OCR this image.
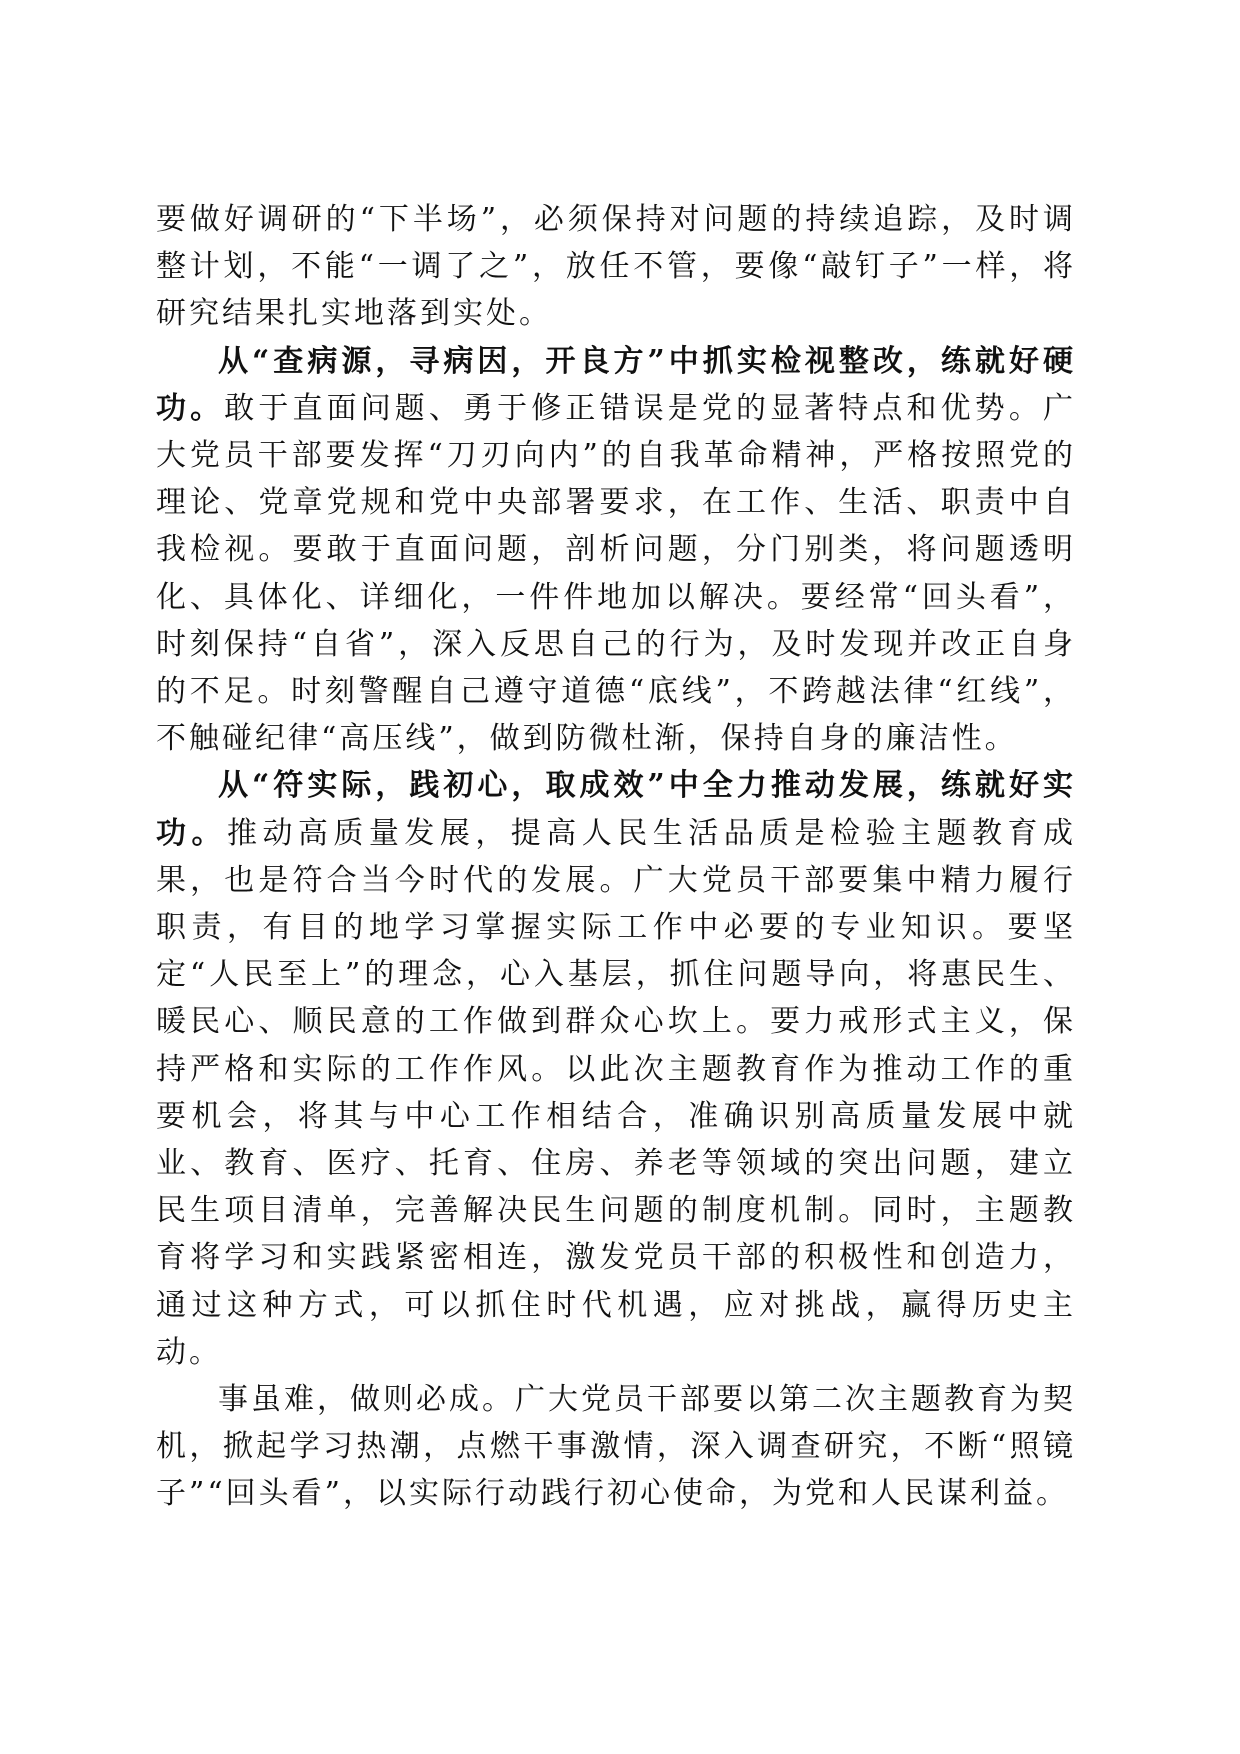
要做好调研的“下半场”，必须保持对问题的持续追踪，及时调整计划，不能“一调了之”，放任不管，要像“敲钉子”一样，将研究结果扎实地落到实处。

从“查病源，寻病因，开良方”中抓实检视整改，练就好硬功。敢于直面问题、勇于修正错误是党的显著特点和优势。广大党员干部要发挥“刀刃向内”的自我革命精神，严格按照党的理论、党章党规和党中央部署要求，在工作、生活、职责中自我检视。要敢于直面问题，剖析问题，分门别类，将问题透明化、具体化、详细化，一件件地加以解决。要经常“回头看”，时刻保持“自省”，深入反思自己的行为，及时发现并改正自身的不足。时刻警醒自己遵守道德“底线”，不跨越法律“红线”，不触碰纪律“高压线”，做到防微杜渐，保持自身的廉洁性。

从“符实际，践初心，取成效”中全力推动发展，练就好实功。推动高质量发展，提高人民生活品质是检验主题教育成果，也是符合当今时代的发展。广大党员干部要集中精力履行职责，有目的地学习掌握实际工作中必要的专业知识。要坚定“人民至上”的理念，心入基层，抓住问题导向，将惠民生、暖民心、顺民意的工作做到群众心坎上。要力戒形式主义，保持严格和实际的工作作风。以此次主题教育作为推动工作的重要机会，将其与中心工作相结合，准确识别高质量发展中就业、教育、医疗、托育、住房、养老等领域的突出问题，建立民生项目清单，完善解决民生问题的制度机制。同时，主题教育将学习和实践紧密相连，激发党员干部的积极性和创造力，通过这种方式，可以抓住时代机遇，应对挑战，赢得历史主动。

事虽难，做则必成。广大党员干部要以第二次主题教育为契机，掀起学习热潮，点燃干事激情，深入调查研究，不断“照镜子”“回头看”，以实际行动践行初心使命，为党和人民谋利益。
